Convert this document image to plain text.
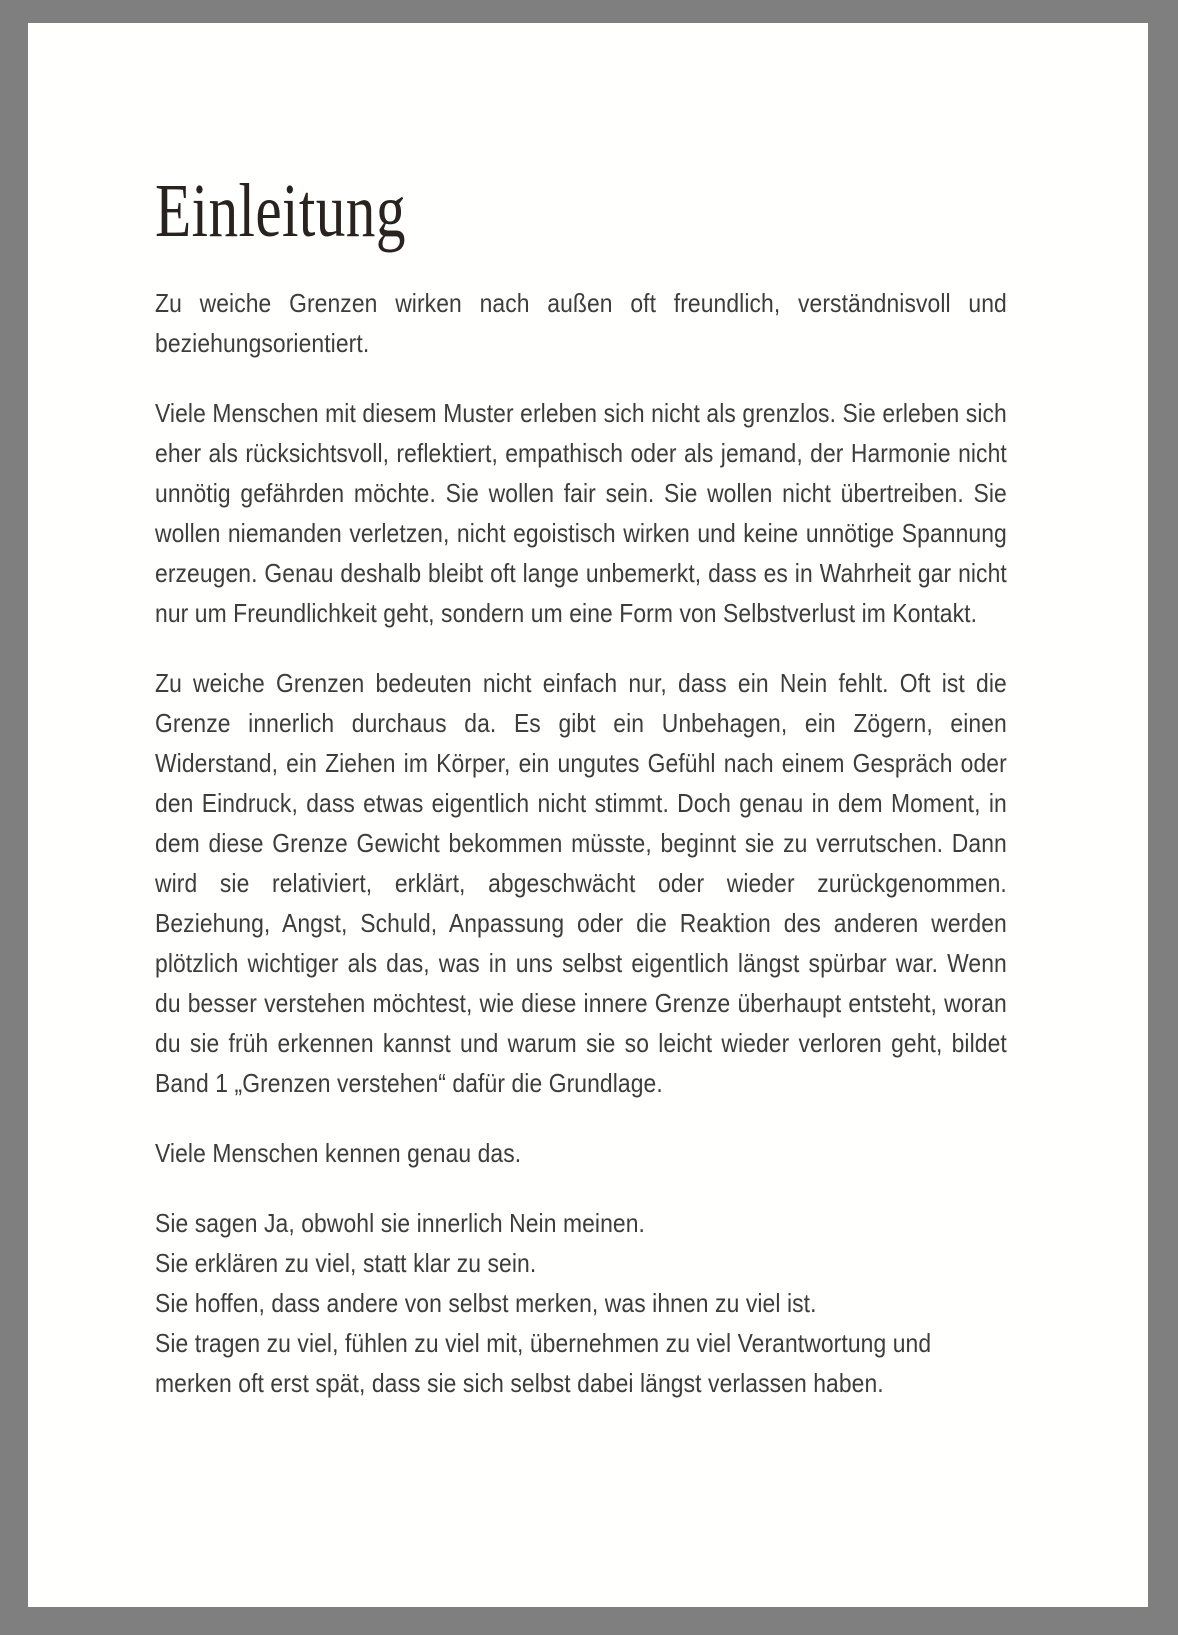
Einleitung

Zu weiche Grenzen wirken nach außen oft freundlich, verständnisvoll und beziehungsorientiert.

Viele Menschen mit diesem Muster erleben sich nicht als grenzlos. Sie erleben sich eher als rücksichtsvoll, reflektiert, empathisch oder als jemand, der Harmonie nicht unnötig gefährden möchte. Sie wollen fair sein. Sie wollen nicht übertreiben. Sie wollen niemanden verletzen, nicht egoistisch wirken und keine unnötige Spannung erzeugen. Genau deshalb bleibt oft lange unbemerkt, dass es in Wahrheit gar nicht nur um Freundlichkeit geht, sondern um eine Form von Selbstverlust im Kontakt.

Zu weiche Grenzen bedeuten nicht einfach nur, dass ein Nein fehlt. Oft ist die Grenze innerlich durchaus da. Es gibt ein Unbehagen, ein Zögern, einen Widerstand, ein Ziehen im Körper, ein ungutes Gefühl nach einem Gespräch oder den Eindruck, dass etwas eigentlich nicht stimmt. Doch genau in dem Moment, in dem diese Grenze Gewicht bekommen müsste, beginnt sie zu verrutschen. Dann wird sie relativiert, erklärt, abgeschwächt oder wieder zurückgenommen. Beziehung, Angst, Schuld, Anpassung oder die Reaktion des anderen werden plötzlich wichtiger als das, was in uns selbst eigentlich längst spürbar war. Wenn du besser verstehen möchtest, wie diese innere Grenze überhaupt entsteht, woran du sie früh erkennen kannst und warum sie so leicht wieder verloren geht, bildet Band 1 „Grenzen verstehen“ dafür die Grundlage.

Viele Menschen kennen genau das.

Sie sagen Ja, obwohl sie innerlich Nein meinen.
Sie erklären zu viel, statt klar zu sein.
Sie hoffen, dass andere von selbst merken, was ihnen zu viel ist.
Sie tragen zu viel, fühlen zu viel mit, übernehmen zu viel Verantwortung und merken oft erst spät, dass sie sich selbst dabei längst verlassen haben.
